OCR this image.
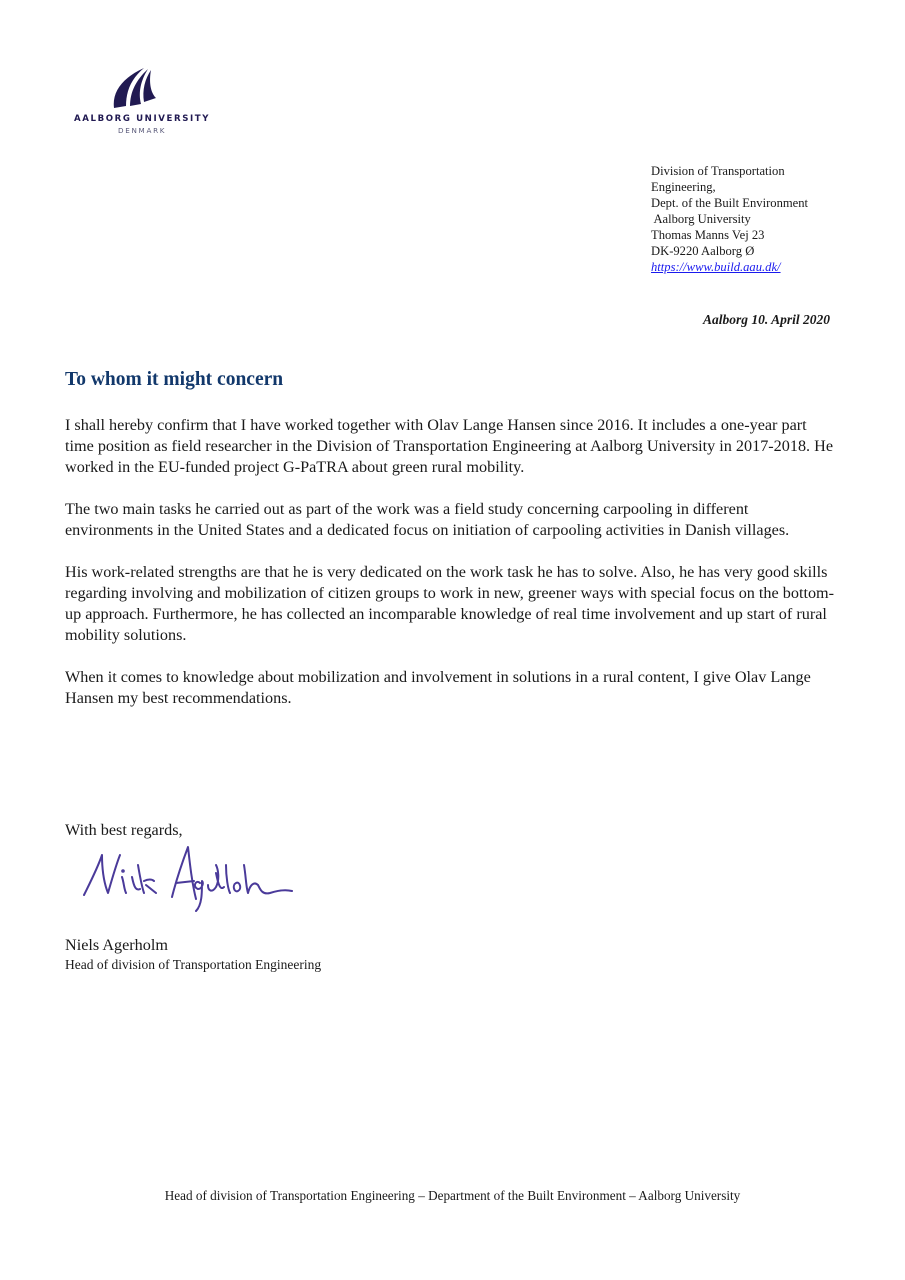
AALBORG UNIVERSITY
DENMARK
Division of Transportation
Engineering,
Dept. of the Built Environment
Aalborg University
Thomas Manns Vej 23
DK-9220 Aalborg Ø
https://www.build.aau.dk/
Aalborg 10. April 2020
To whom it might concern

I shall hereby confirm that I have worked together with Olav Lange Hansen since 2016. It includes a one-year part time position as field researcher in the Division of Transportation Engineering at Aalborg University in 2017-2018. He worked in the EU-funded project G-PaTRA about green rural mobility.

The two main tasks he carried out as part of the work was a field study concerning carpooling in different environments in the United States and a dedicated focus on initiation of carpooling activities in Danish villages.

His work-related strengths are that he is very dedicated on the work task he has to solve. Also, he has very good skills regarding involving and mobilization of citizen groups to work in new, greener ways with special focus on the bottom-up approach. Furthermore, he has collected an incomparable knowledge of real time involvement and up start of rural mobility solutions.

When it comes to knowledge about mobilization and involvement in solutions in a rural content, I give Olav Lange Hansen my best recommendations.

With best regards,
Niels Agerholm
Head of division of Transportation Engineering
Head of division of Transportation Engineering – Department of the Built Environment – Aalborg University
